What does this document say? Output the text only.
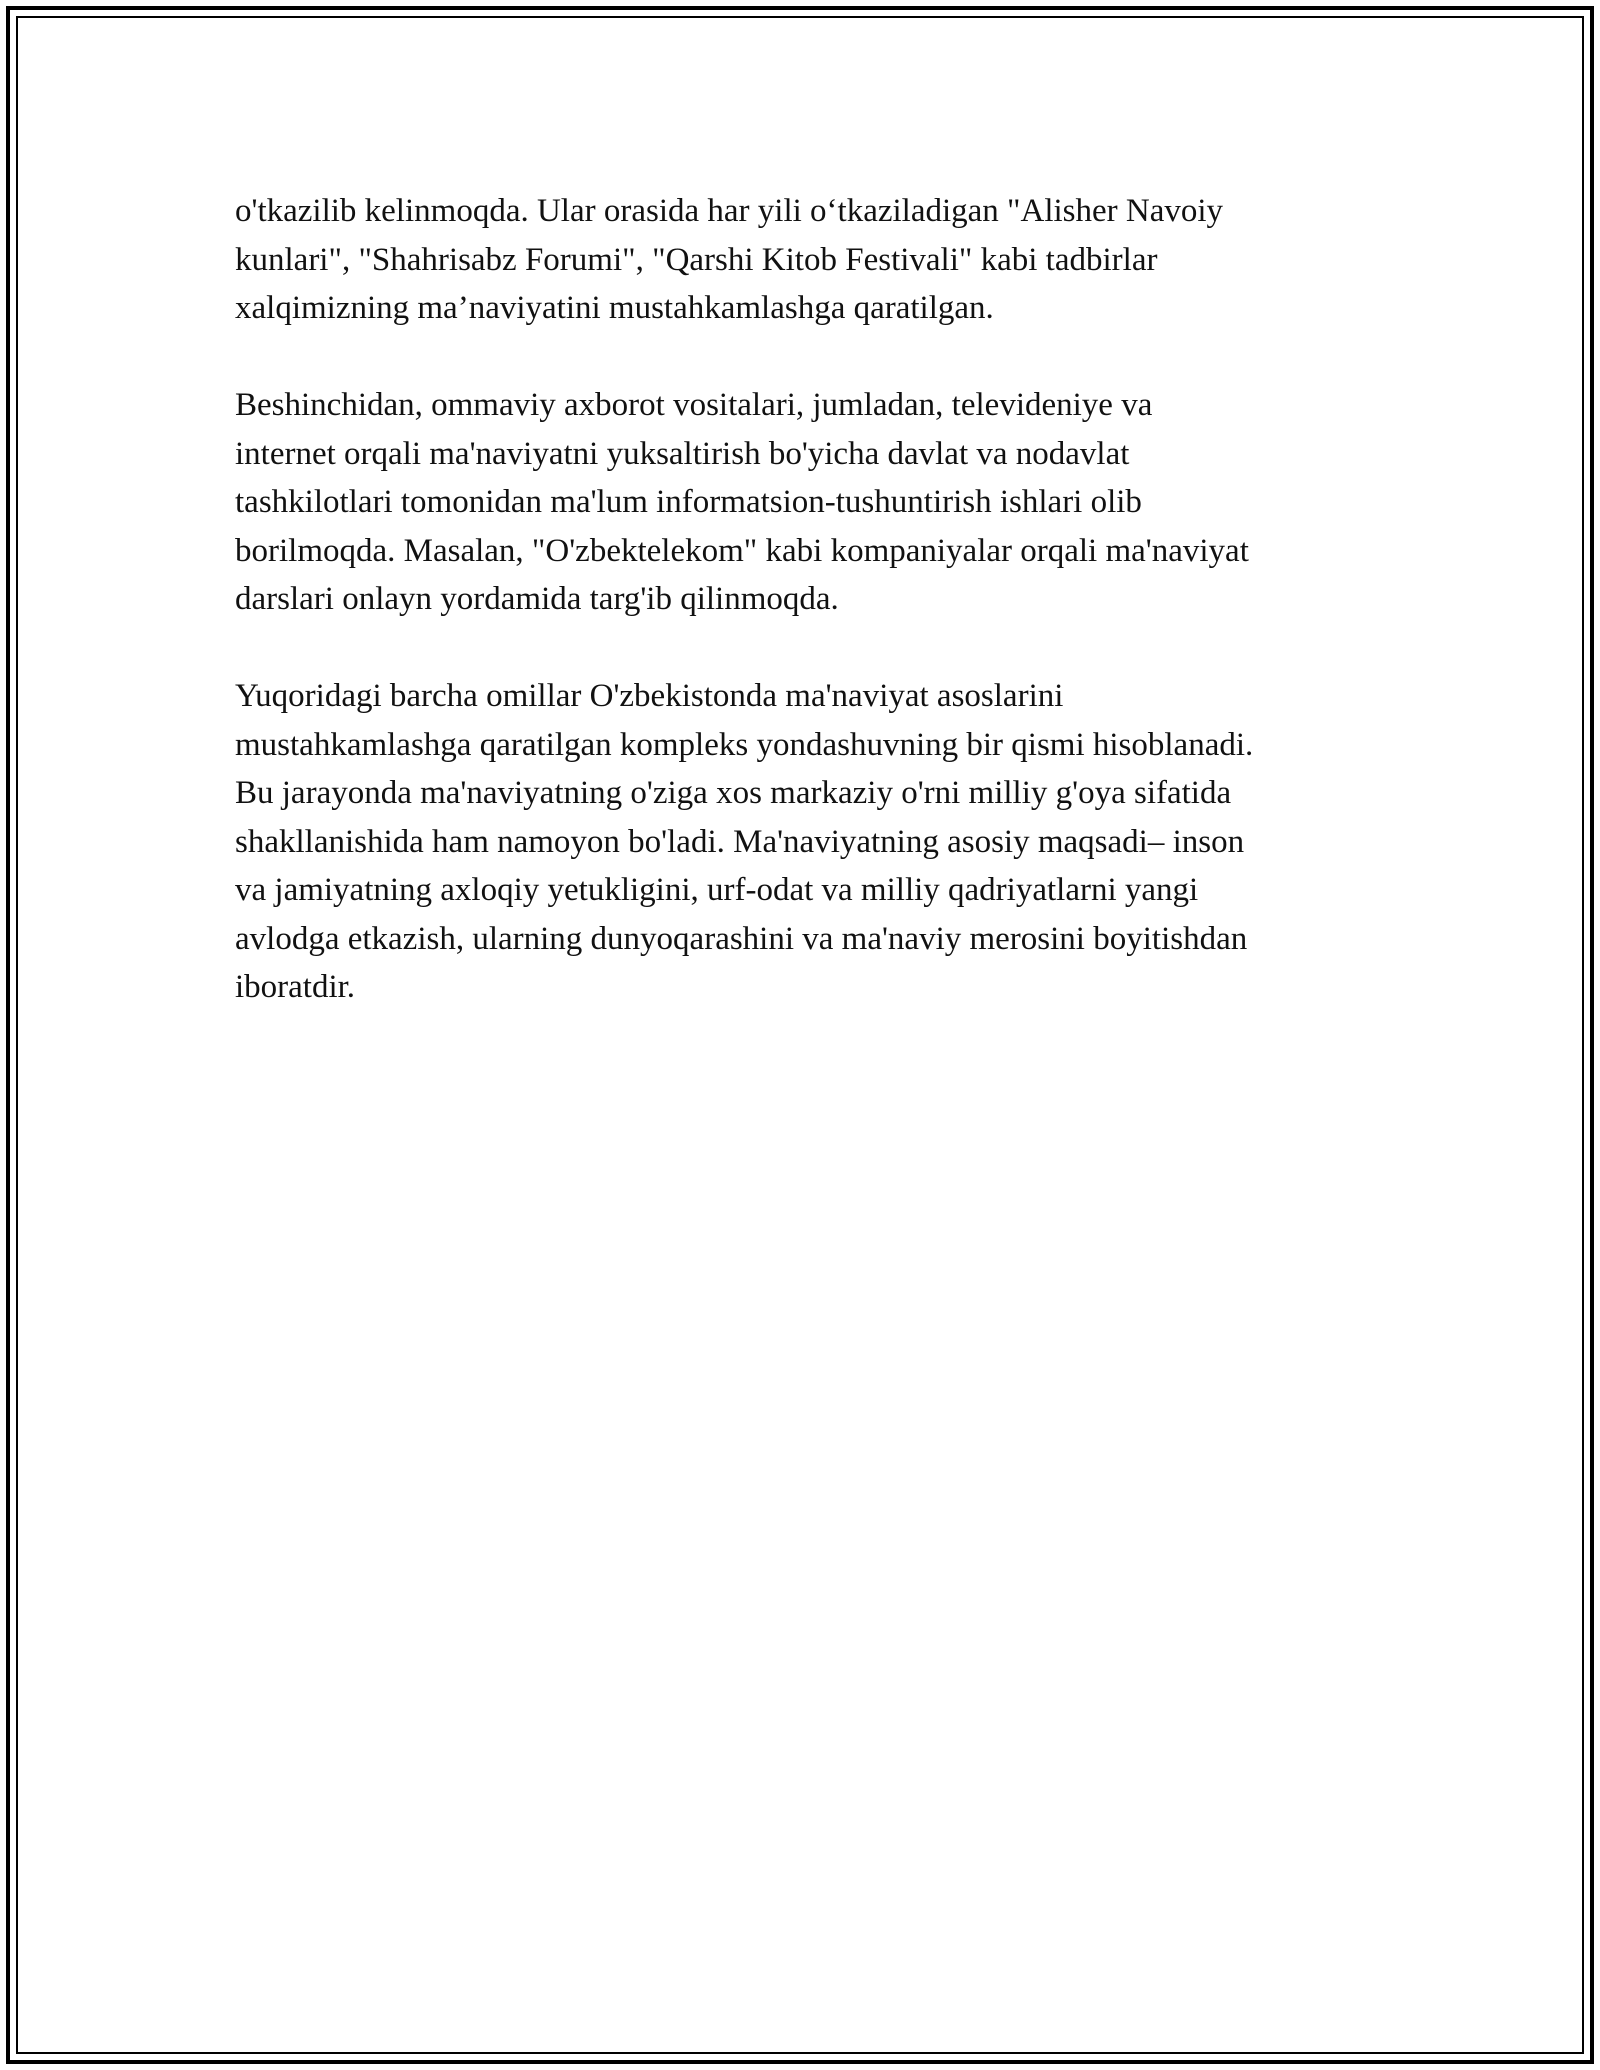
o'tkazilib kelinmoqda. Ular orasida har yili o‘tkaziladigan "Alisher Navoiy
kunlari", "Shahrisabz Forumi", "Qarshi Kitob Festivali" kabi tadbirlar
xalqimizning ma’naviyatini mustahkamlashga qaratilgan.

Beshinchidan, ommaviy axborot vositalari, jumladan, televideniye va
internet orqali ma'naviyatni yuksaltirish bo'yicha davlat va nodavlat
tashkilotlari tomonidan ma'lum informatsion-tushuntirish ishlari olib
borilmoqda. Masalan, "O'zbektelekom" kabi kompaniyalar orqali ma'naviyat
darslari onlayn yordamida targ'ib qilinmoqda.

Yuqoridagi barcha omillar O'zbekistonda ma'naviyat asoslarini
mustahkamlashga qaratilgan kompleks yondashuvning bir qismi hisoblanadi.
Bu jarayonda ma'naviyatning o'ziga xos markaziy o'rni milliy g'oya sifatida
shakllanishida ham namoyon bo'ladi. Ma'naviyatning asosiy maqsadi– inson
va jamiyatning axloqiy yetukligini, urf-odat va milliy qadriyatlarni yangi
avlodga etkazish, ularning dunyoqarashini va ma'naviy merosini boyitishdan
iboratdir.
